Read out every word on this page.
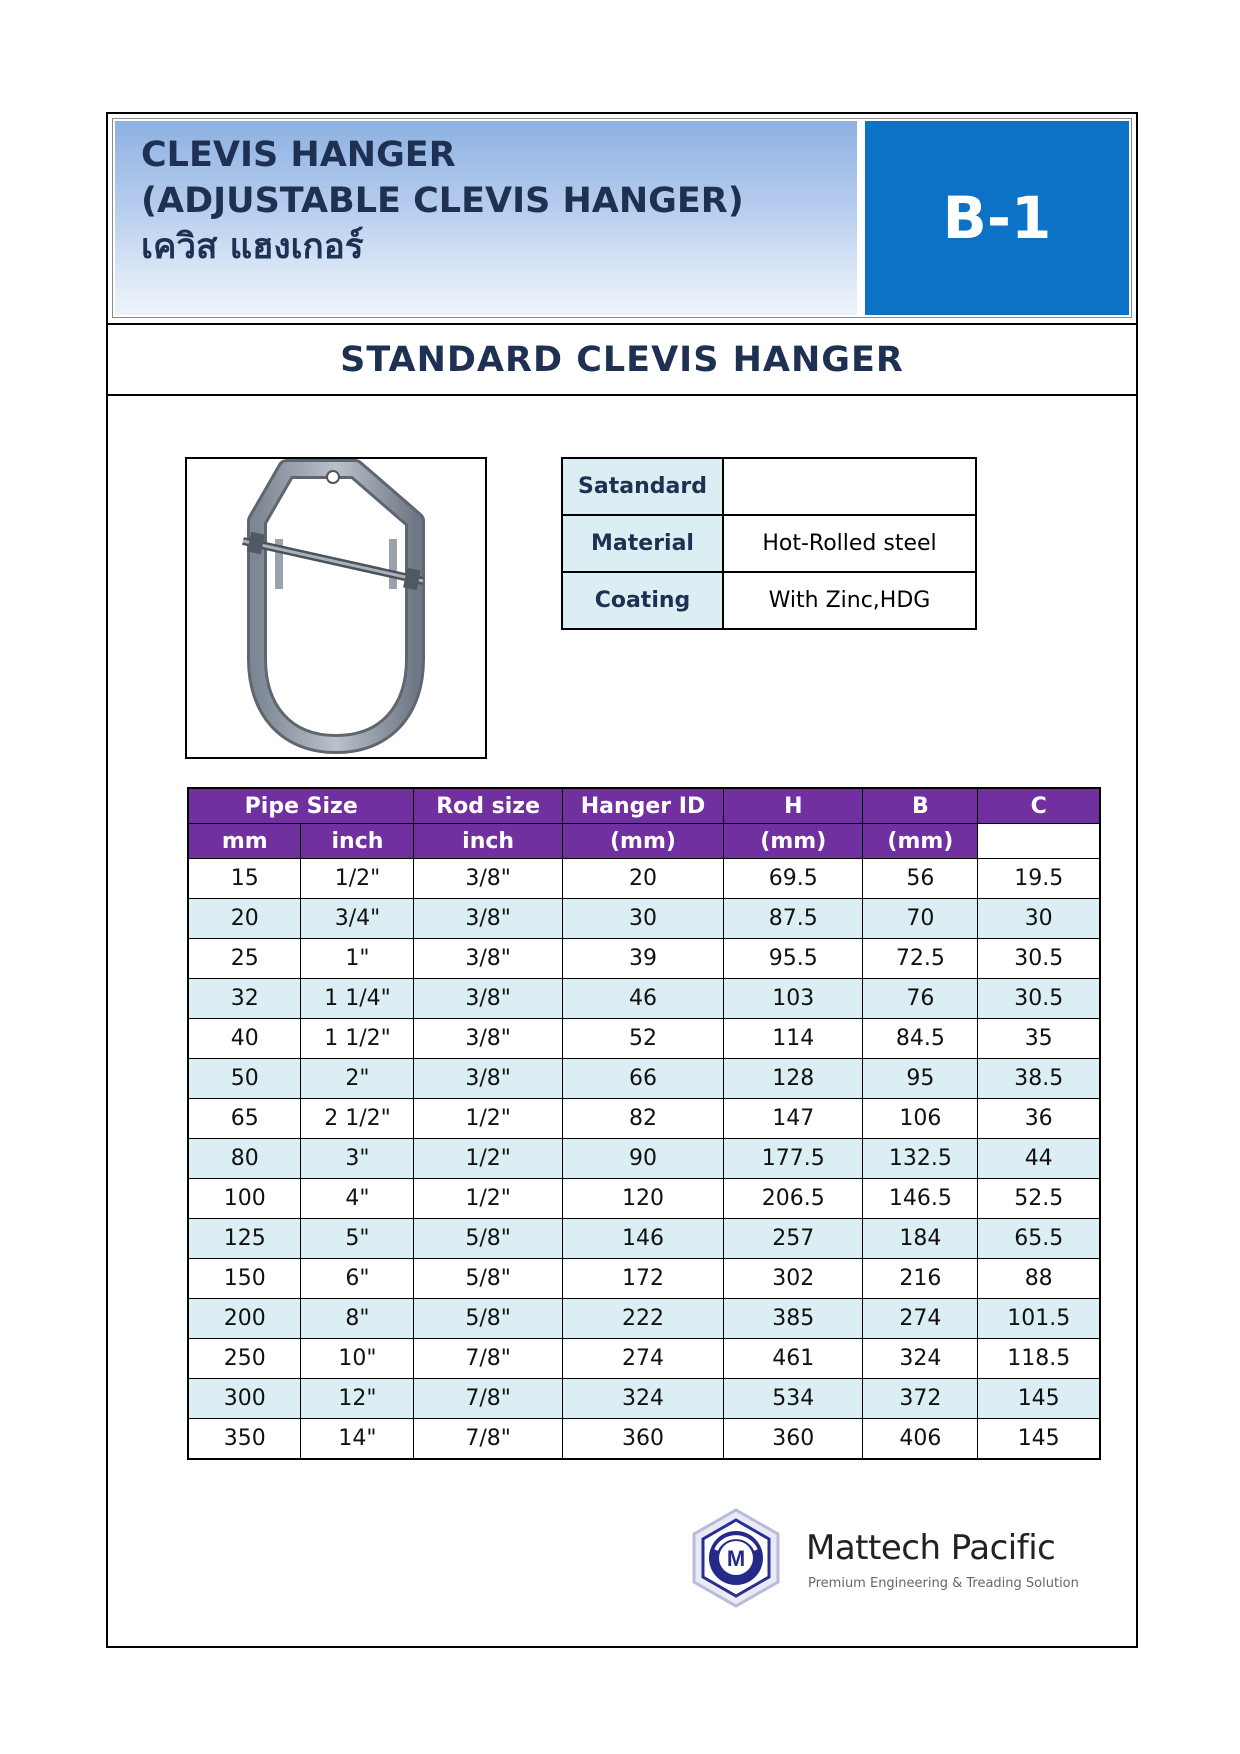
CLEVIS HANGER
(ADJUSTABLE CLEVIS HANGER)
เควิส แฮงเกอร์	B-1
STANDARD CLEVIS HANGER
Satandard	
Material	Hot-Rolled steel
Coating	With Zinc,HDG
Pipe Size		Rod size	Hanger ID	H	B	C
mm	inch	inch	(mm)	(mm)	(mm)	
15	1/2"	3/8"	20	69.5	56	19.5
20	3/4"	3/8"	30	87.5	70	30
25	1"	3/8"	39	95.5	72.5	30.5
32	1 1/4"	3/8"	46	103	76	30.5
40	1 1/2"	3/8"	52	114	84.5	35
50	2"	3/8"	66	128	95	38.5
65	2 1/2"	1/2"	82	147	106	36
80	3"	1/2"	90	177.5	132.5	44
100	4"	1/2"	120	206.5	146.5	52.5
125	5"	5/8"	146	257	184	65.5
150	6"	5/8"	172	302	216	88
200	8"	5/8"	222	385	274	101.5
250	10"	7/8"	274	461	324	118.5
300	12"	7/8"	324	534	372	145
350	14"	7/8"	360	360	406	145
M Mattech Pacific
Premium Engineering & Treading Solution
